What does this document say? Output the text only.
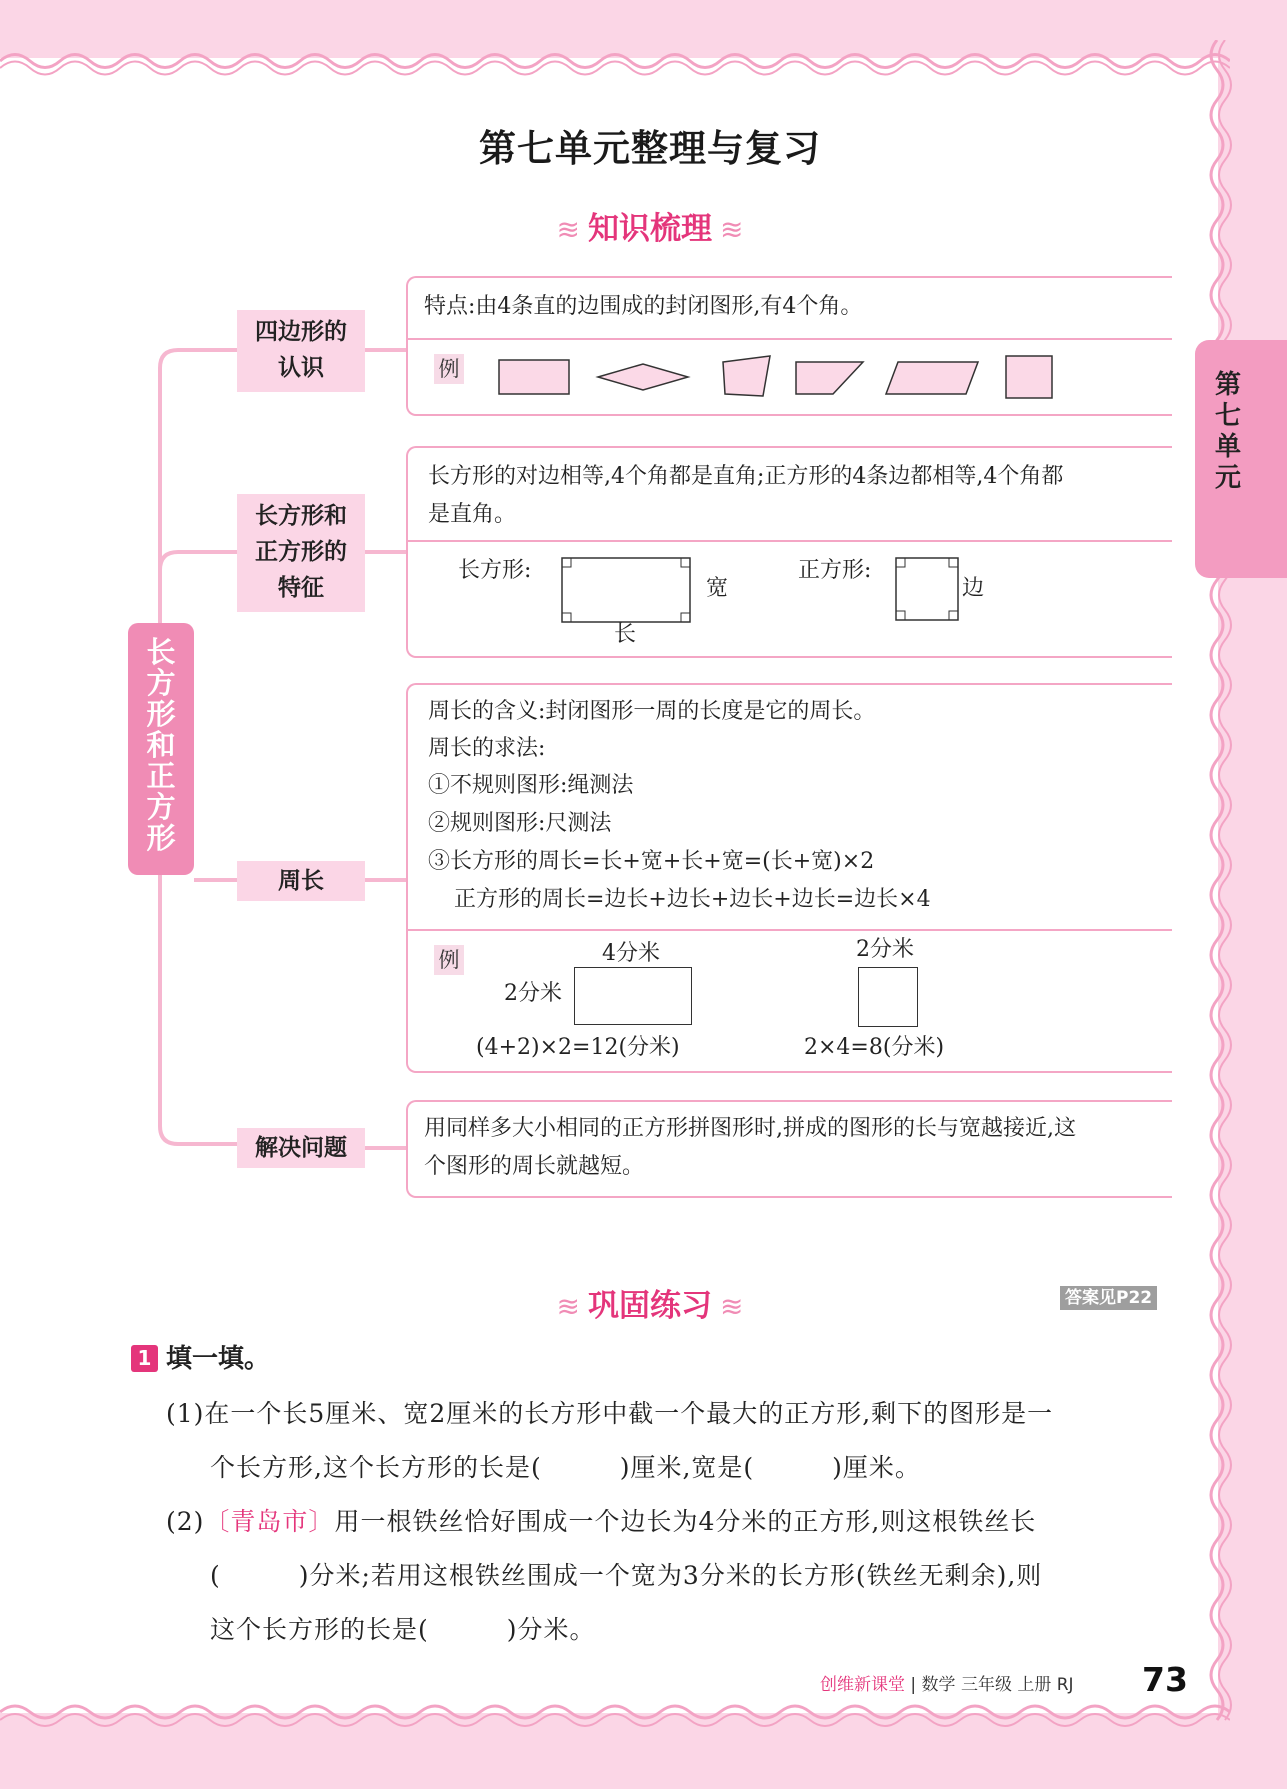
第七单元
第七单元整理与复习
≋ 知识梳理 ≋
长方形和正方形
四边形的认识
长方形和正方形的特征
周长
解决问题
特点:由4条直的边围成的封闭图形,有4个角。
例
长方形的对边相等,4个角都是直角;正方形的4条边都相等,4个角都
是直角。
长方形:
宽
长
正方形:
边
周长的含义:封闭图形一周的长度是它的周长。
周长的求法:
①不规则图形:绳测法
②规则图形:尺测法
③长方形的周长=长+宽+长+宽=(长+宽)×2
正方形的周长=边长+边长+边长+边长=边长×4
例	4分米
2分米
(4+2)×2=12(分米)
2分米
2×4=8(分米)
用同样多大小相同的正方形拼图形时,拼成的图形的长与宽越接近,这
个图形的周长就越短。
≋ 巩固练习 ≋	答案见P22
1 填一填。
(1)在一个长5厘米、宽2厘米的长方形中截一个最大的正方形,剩下的图形是一
个长方形,这个长方形的长是(　　　)厘米,宽是(　　　)厘米。
(2)〔青岛市〕用一根铁丝恰好围成一个边长为4分米的正方形,则这根铁丝长
(　　　)分米;若用这根铁丝围成一个宽为3分米的长方形(铁丝无剩余),则
这个长方形的长是(　　　)分米。
创维新课堂 | 数学 三年级 上册 RJ 73
